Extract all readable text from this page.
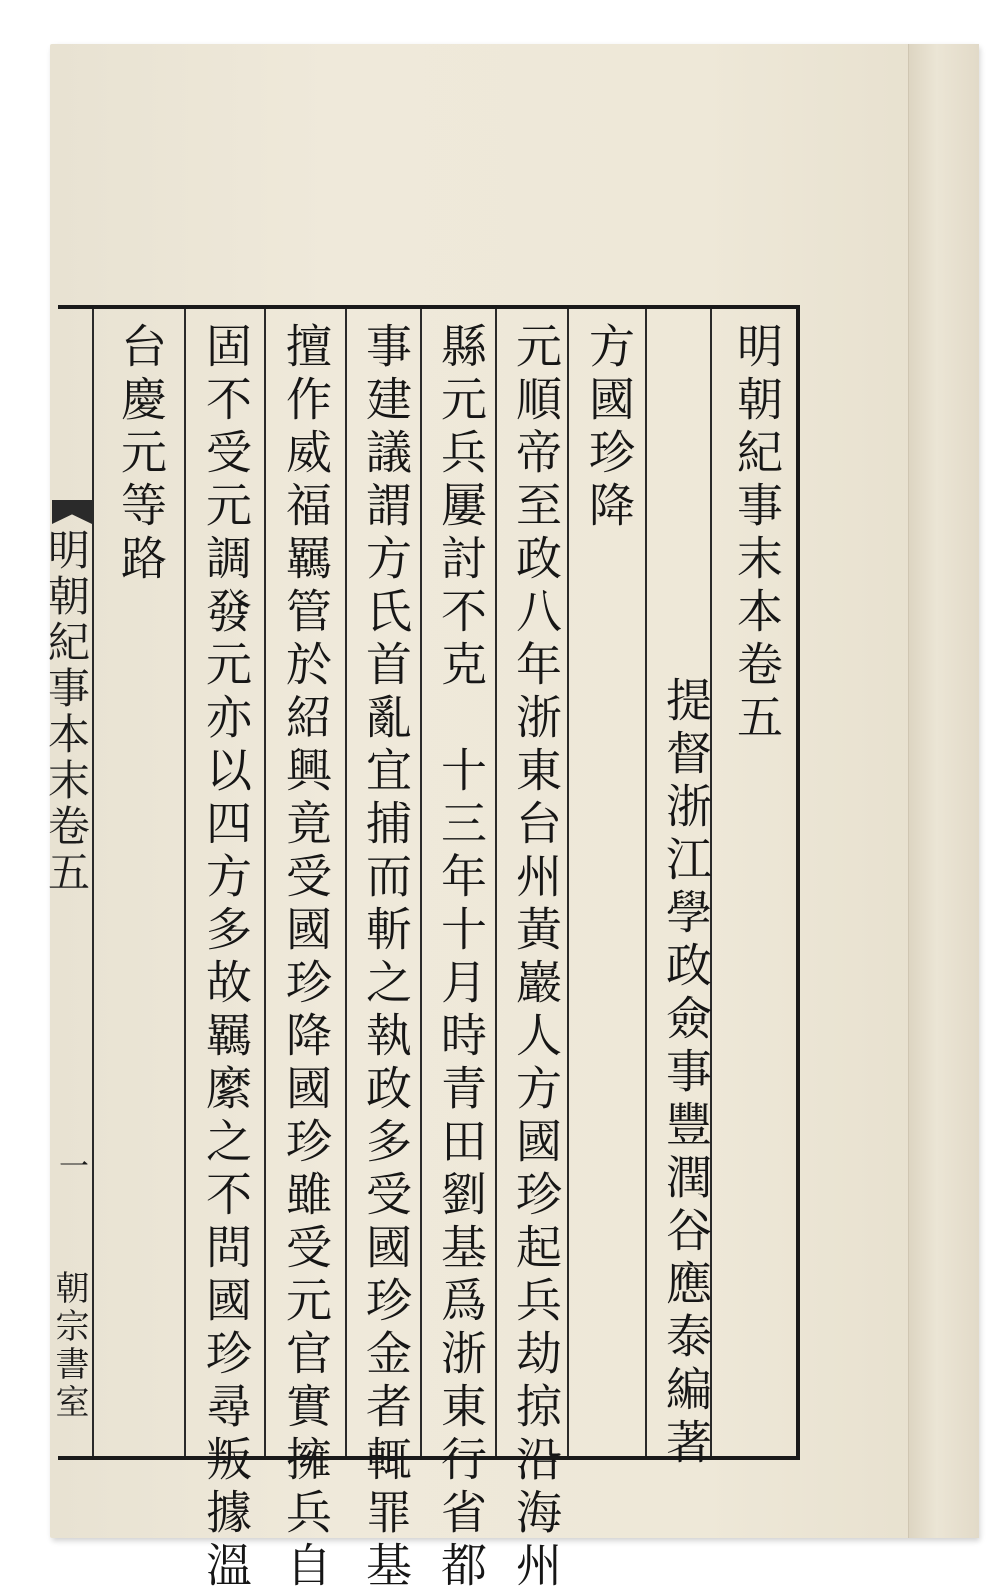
明朝紀事末本卷五
提督浙江學政僉事豐潤谷應泰編著
方國珍降
元順帝至政八年浙東台州黃巖人方國珍起兵劫掠沿海州
縣元兵屢討不克　十三年十月時青田劉基爲浙東行省都
事建議謂方氏首亂宜捕而斬之執政多受國珍金者輒罪基
擅作威福羈管於紹興竟受國珍降國珍雖受元官實擁兵自
固不受元調發元亦以四方多故羈縻之不問國珍尋叛據溫
台慶元等路
明朝紀事本末卷五
一
朝宗書室
